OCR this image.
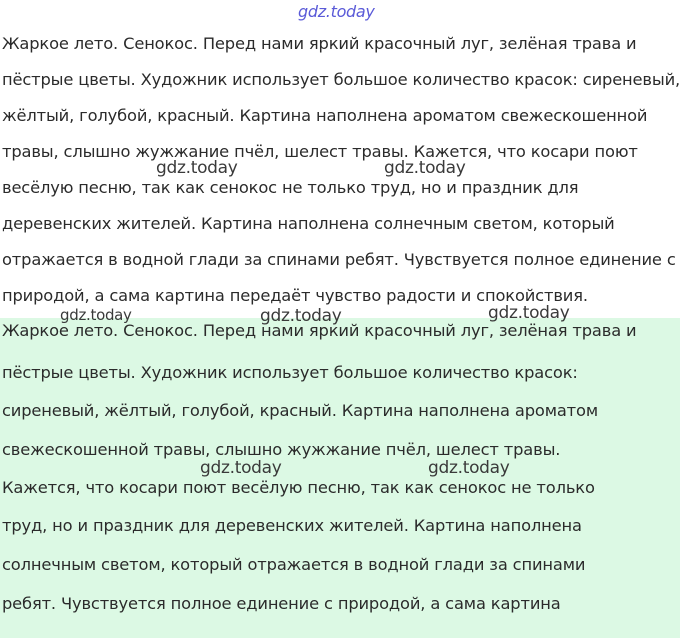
gdz.today
Жаркое лето. Сенокос. Перед нами яркий красочный луг, зелёная трава и
пёстрые цветы. Художник использует большое количество красок: сиреневый,
жёлтый, голубой, красный. Картина наполнена ароматом свежескошенной
травы, слышно жужжание пчёл, шелест травы. Кажется, что косари поют
весёлую песню, так как сенокос не только труд, но и праздник для
деревенских жителей. Картина наполнена солнечным светом, который
отражается в водной глади за спинами ребят. Чувствуется полное единение с
природой, а сама картина передаёт чувство радости и спокойствия.
Жаркое лето. Сенокос. Перед нами яркий красочный луг, зелёная трава и
пёстрые цветы. Художник использует большое количество красок:
сиреневый, жёлтый, голубой, красный. Картина наполнена ароматом
свежескошенной травы, слышно жужжание пчёл, шелест травы.
Кажется, что косари поют весёлую песню, так как сенокос не только
труд, но и праздник для деревенских жителей. Картина наполнена
солнечным светом, который отражается в водной глади за спинами
ребят. Чувствуется полное единение с природой, а сама картина
gdz.today	gdz.today
gdz.today	gdz.today	gdz.today
gdz.today	gdz.today
